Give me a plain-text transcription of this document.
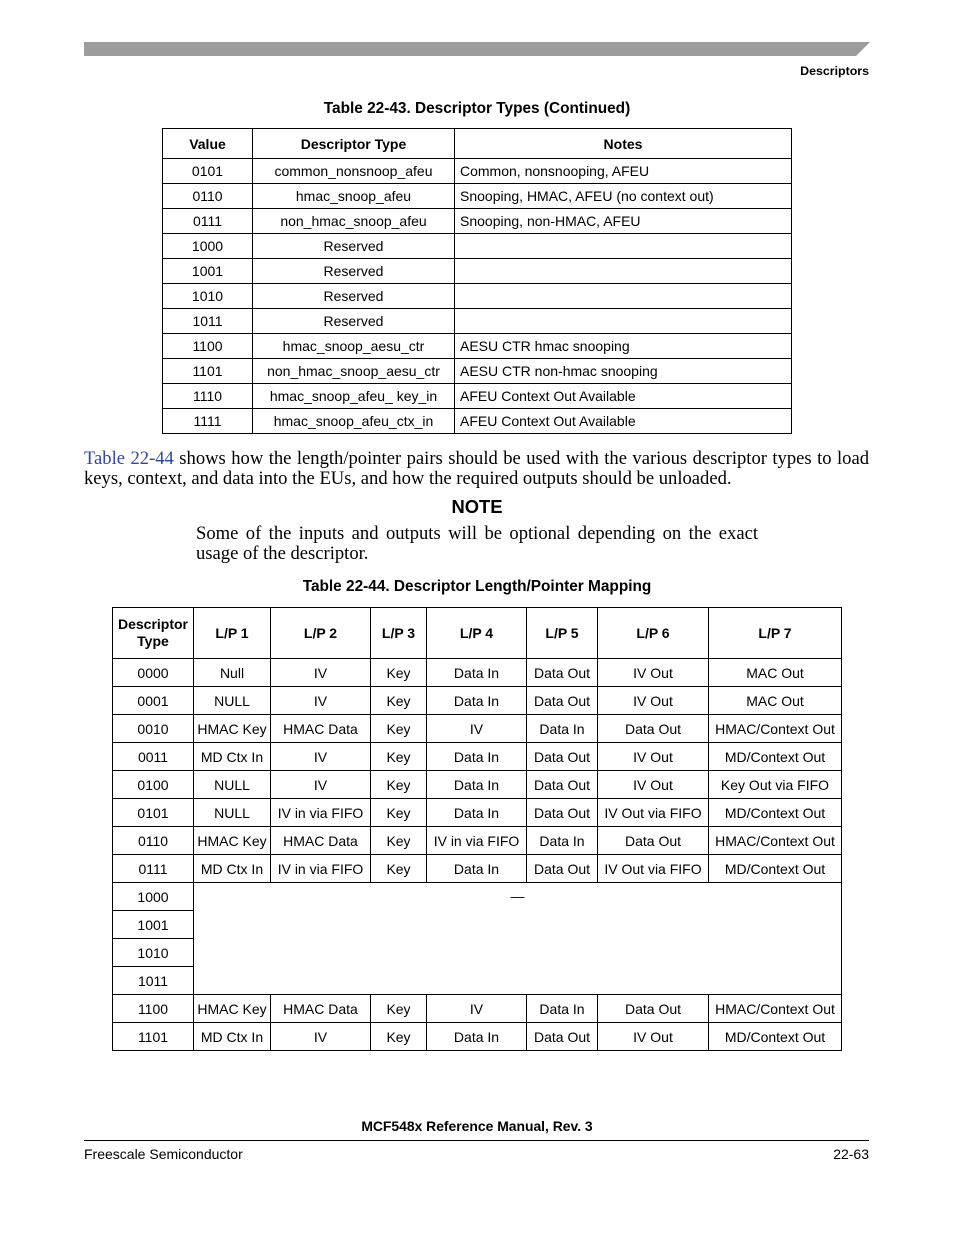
Descriptors
Table 22-43. Descriptor Types (Continued)
Value	Descriptor Type	Notes
0101	common_nonsnoop_afeu	Common, nonsnooping, AFEU
0110	hmac_snoop_afeu	Snooping, HMAC, AFEU (no context out)
0111	non_hmac_snoop_afeu	Snooping, non-HMAC, AFEU
1000	Reserved	
1001	Reserved	
1010	Reserved	
1011	Reserved	
1100	hmac_snoop_aesu_ctr	AESU CTR hmac snooping
1101	non_hmac_snoop_aesu_ctr	AESU CTR non-hmac snooping
1110	hmac_snoop_afeu_ key_in	AFEU Context Out Available
1111	hmac_snoop_afeu_ctx_in	AFEU Context Out Available
Table 22-44 shows how the length/pointer pairs should be used with the various descriptor types to load keys, context, and data into the EUs, and how the required outputs should be unloaded.
NOTE
Some of the inputs and outputs will be optional depending on the exact usage of the descriptor.
Table 22-44. Descriptor Length/Pointer Mapping
Descriptor Type	L/P 1	L/P 2	L/P 3	L/P 4	L/P 5	L/P 6	L/P 7
0000	Null	IV	Key	Data In	Data Out	IV Out	MAC Out
0001	NULL	IV	Key	Data In	Data Out	IV Out	MAC Out
0010	HMAC Key	HMAC Data	Key	IV	Data In	Data Out	HMAC/Context Out
0011	MD Ctx In	IV	Key	Data In	Data Out	IV Out	MD/Context Out
0100	NULL	IV	Key	Data In	Data Out	IV Out	Key Out via FIFO
0101	NULL	IV in via FIFO	Key	Data In	Data Out	IV Out via FIFO	MD/Context Out
0110	HMAC Key	HMAC Data	Key	IV in via FIFO	Data In	Data Out	HMAC/Context Out
0111	MD Ctx In	IV in via FIFO	Key	Data In	Data Out	IV Out via FIFO	MD/Context Out
1000	—						
1001							
1010							
1011							
1100	HMAC Key	HMAC Data	Key	IV	Data In	Data Out	HMAC/Context Out
1101	MD Ctx In	IV	Key	Data In	Data Out	IV Out	MD/Context Out
MCF548x Reference Manual, Rev. 3
Freescale Semiconductor	22-63
